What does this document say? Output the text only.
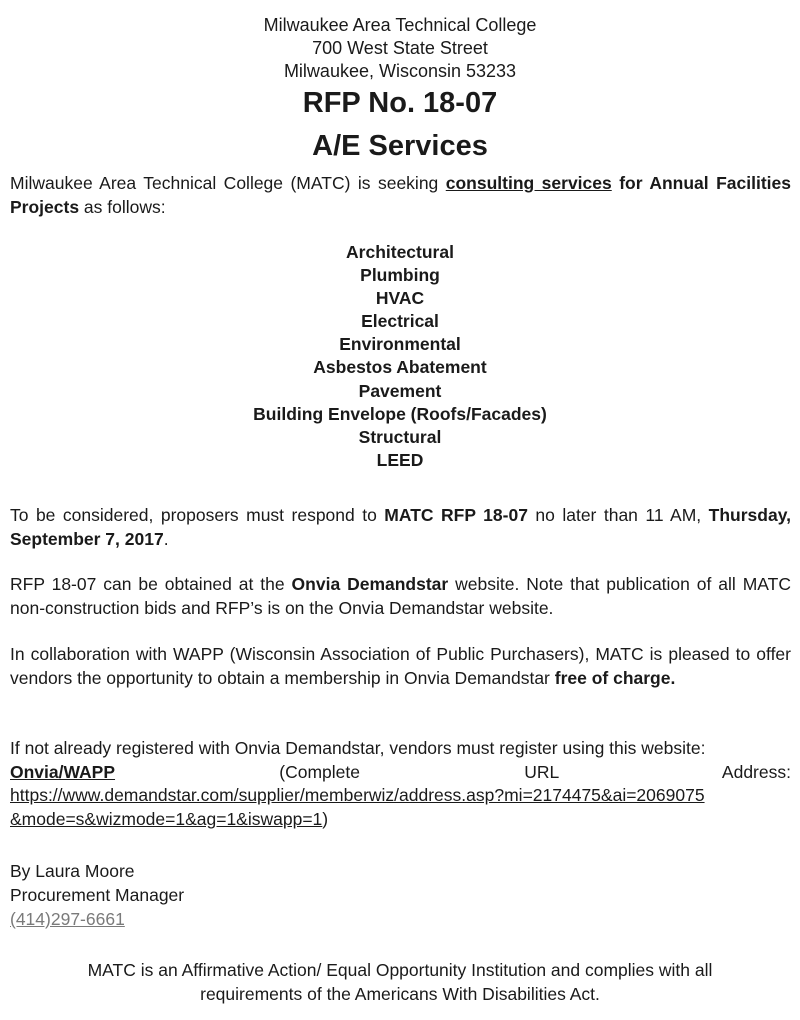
Milwaukee Area Technical College
700 West State Street
Milwaukee, Wisconsin 53233
RFP No. 18-07
A/E Services
Milwaukee Area Technical College (MATC) is seeking consulting services for Annual Facilities Projects as follows:
Architectural
Plumbing
HVAC
Electrical
Environmental
Asbestos Abatement
Pavement
Building Envelope (Roofs/Facades)
Structural
LEED
To be considered, proposers must respond to MATC RFP 18-07 no later than 11 AM, Thursday, September 7, 2017.
RFP 18-07 can be obtained at the Onvia Demandstar website. Note that publication of all MATC non-construction bids and RFP’s is on the Onvia Demandstar website.
In collaboration with WAPP (Wisconsin Association of Public Purchasers), MATC is pleased to offer vendors the opportunity to obtain a membership in Onvia Demandstar free of charge.
If not already registered with Onvia Demandstar, vendors must register using this website:
Onvia/WAPP	(Complete	URL	Address:
https://www.demandstar.com/supplier/memberwiz/address.asp?mi=2174475&ai=2069075
&mode=s&wizmode=1&ag=1&iswapp=1)
By Laura Moore
Procurement Manager
(414)297-6661
MATC is an Affirmative Action/ Equal Opportunity Institution and complies with all
requirements of the Americans With Disabilities Act.
